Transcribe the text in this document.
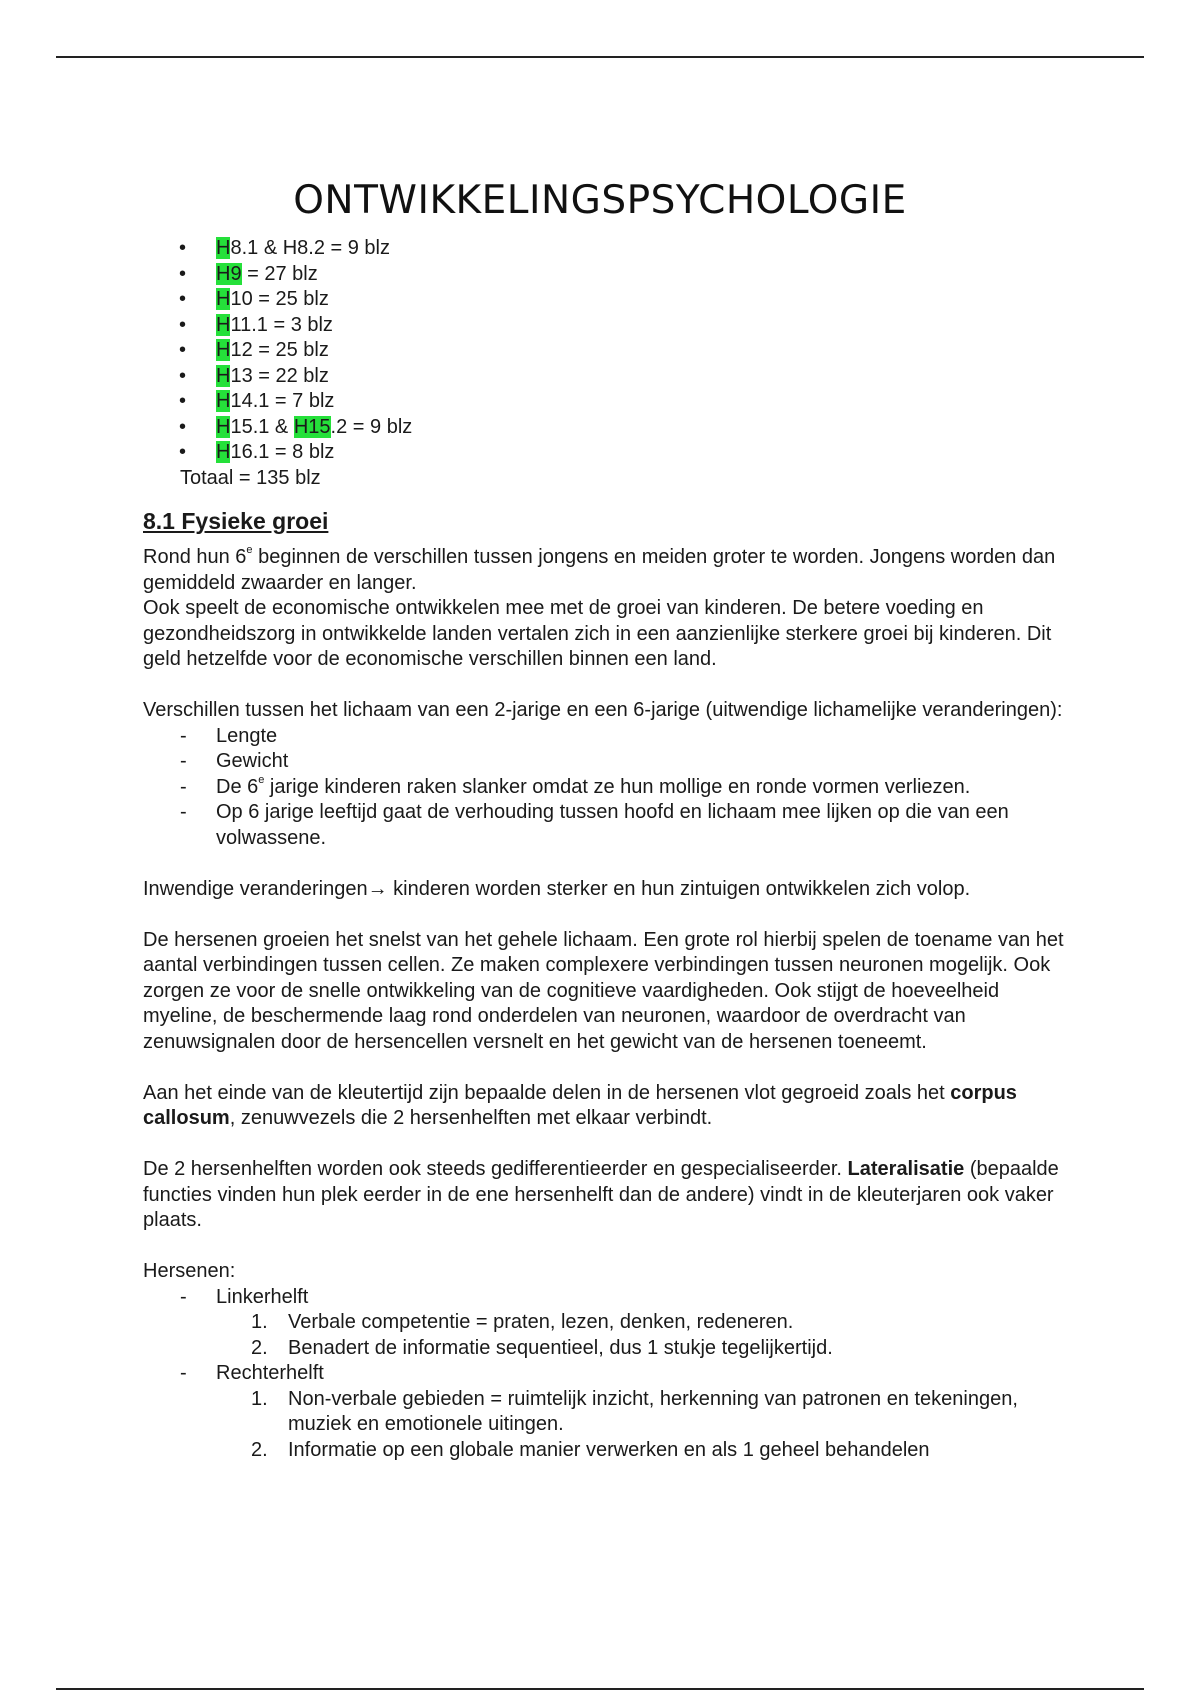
ONTWIKKELINGSPSYCHOLOGIE
• H8.1 & H8.2 = 9 blz
• H9 = 27 blz
• H10 = 25 blz
• H11.1 = 3 blz
• H12 = 25 blz
• H13 = 22 blz
• H14.1 = 7 blz
• H15.1 & H15.2 = 9 blz
• H16.1 = 8 blz
Totaal = 135 blz
8.1 Fysieke groei

Rond hun 6e beginnen de verschillen tussen jongens en meiden groter te worden. Jongens worden dan gemiddeld zwaarder en langer.

Ook speelt de economische ontwikkelen mee met de groei van kinderen. De betere voeding en gezondheidszorg in ontwikkelde landen vertalen zich in een aanzienlijke sterkere groei bij kinderen. Dit geld hetzelfde voor de economische verschillen binnen een land.

Verschillen tussen het lichaam van een 2-jarige en een 6-jarige (uitwendige lichamelijke veranderingen):

- Lengte
- Gewicht
- De 6e jarige kinderen raken slanker omdat ze hun mollige en ronde vormen verliezen.
- Op 6 jarige leeftijd gaat de verhouding tussen hoofd en lichaam mee lijken op die van een volwassene.

Inwendige veranderingen→ kinderen worden sterker en hun zintuigen ontwikkelen zich volop.

De hersenen groeien het snelst van het gehele lichaam. Een grote rol hierbij spelen de toename van het aantal verbindingen tussen cellen. Ze maken complexere verbindingen tussen neuronen mogelijk. Ook zorgen ze voor de snelle ontwikkeling van de cognitieve vaardigheden. Ook stijgt de hoeveelheid myeline, de beschermende laag rond onderdelen van neuronen, waardoor de overdracht van zenuwsignalen door de hersencellen versnelt en het gewicht van de hersenen toeneemt.

Aan het einde van de kleutertijd zijn bepaalde delen in de hersenen vlot gegroeid zoals het corpus callosum, zenuwvezels die 2 hersenhelften met elkaar verbindt.

De 2 hersenhelften worden ook steeds gedifferentieerder en gespecialiseerder. Lateralisatie (bepaalde functies vinden hun plek eerder in de ene hersenhelft dan de andere) vindt in de kleuterjaren ook vaker plaats.

Hersenen:

- Linkerhelft
1. Verbale competentie = praten, lezen, denken, redeneren.
2. Benadert de informatie sequentieel, dus 1 stukje tegelijkertijd.
- Rechterhelft
1. Non-verbale gebieden = ruimtelijk inzicht, herkenning van patronen en tekeningen, muziek en emotionele uitingen.
2. Informatie op een globale manier verwerken en als 1 geheel behandelen
